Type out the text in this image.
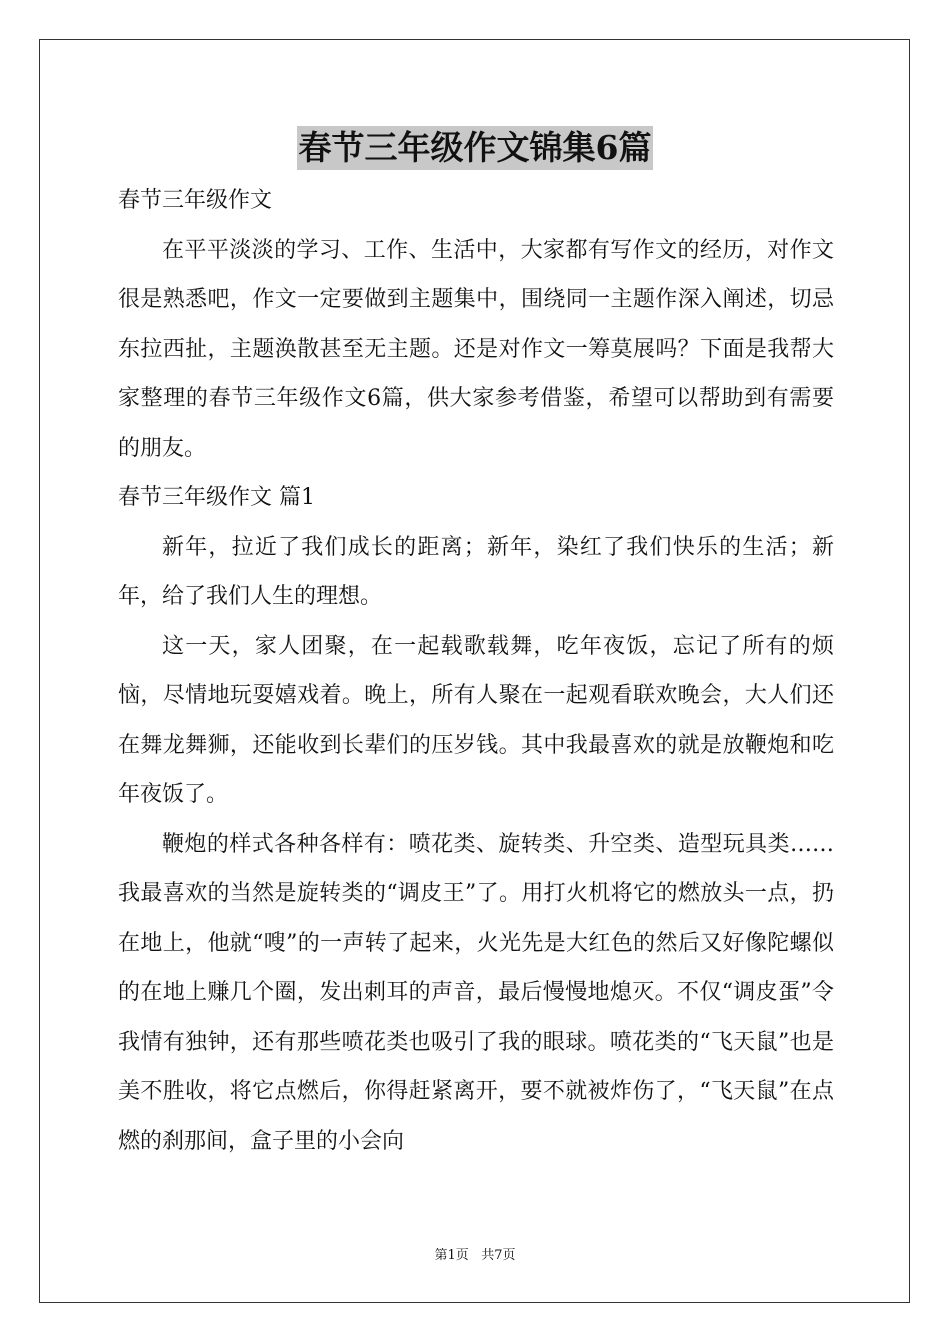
春节三年级作文锦集6篇

春节三年级作文

在平平淡淡的学习、工作、生活中，大家都有写作文的经历，对作文很是熟悉吧，作文一定要做到主题集中，围绕同一主题作深入阐述，切忌东拉西扯，主题涣散甚至无主题。还是对作文一筹莫展吗？下面是我帮大家整理的春节三年级作文6篇，供大家参考借鉴，希望可以帮助到有需要的朋友。

春节三年级作文 篇1

新年，拉近了我们成长的距离；新年，染红了我们快乐的生活；新年，给了我们人生的理想。

这一天，家人团聚，在一起载歌载舞，吃年夜饭，忘记了所有的烦恼，尽情地玩耍嬉戏着。晚上，所有人聚在一起观看联欢晚会，大人们还在舞龙舞狮，还能收到长辈们的压岁钱。其中我最喜欢的就是放鞭炮和吃年夜饭了。

鞭炮的样式各种各样有：喷花类、旋转类、升空类、造型玩具类……我最喜欢的当然是旋转类的“调皮王”了。用打火机将它的燃放头一点，扔在地上，他就“嗖”的一声转了起来，火光先是大红色的然后又好像陀螺似的在地上赚几个圈，发出刺耳的声音，最后慢慢地熄灭。不仅“调皮蛋”令我情有独钟，还有那些喷花类也吸引了我的眼球。喷花类的“飞天鼠”也是美不胜收，将它点燃后，你得赶紧离开，要不就被炸伤了，“飞天鼠”在点燃的刹那间，盒子里的小会向

第1页 共7页
